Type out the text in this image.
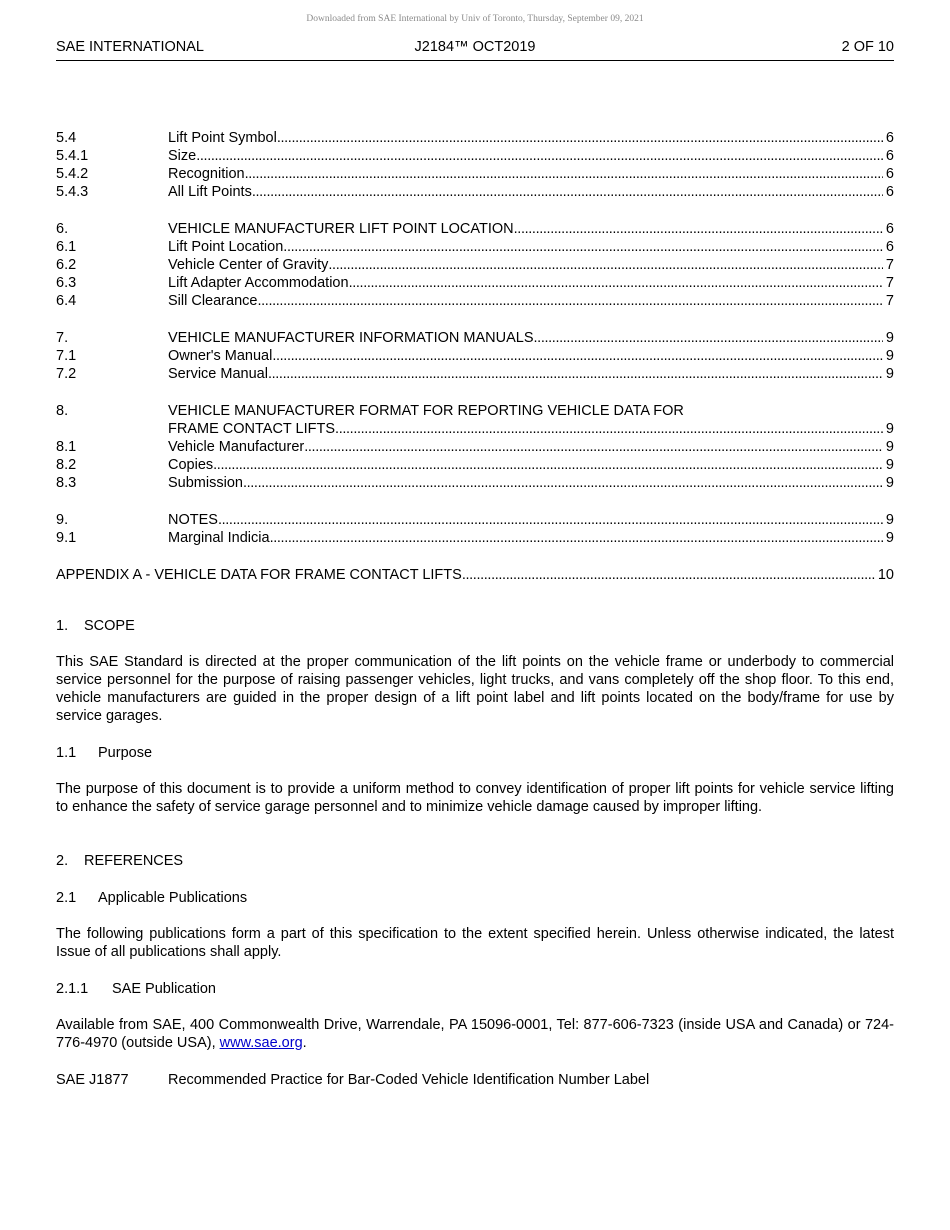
Downloaded from SAE International by Univ of Toronto, Thursday, September 09, 2021
SAE INTERNATIONAL	J2184™ OCT2019	2 OF 10
5.4	Lift Point Symbol . . .	6
5.4.1	Size . . .	6
5.4.2	Recognition . . .	6
5.4.3	All Lift Points . . .	6
6.	VEHICLE MANUFACTURER LIFT POINT LOCATION . . .	6
6.1	Lift Point Location . . .	6
6.2	Vehicle Center of Gravity . . .	7
6.3	Lift Adapter Accommodation . . .	7
6.4	Sill Clearance . . .	7
7.	VEHICLE MANUFACTURER INFORMATION MANUALS . . .	9
7.1	Owner's Manual . . .	9
7.2	Service Manual . . .	9
8.	VEHICLE MANUFACTURER FORMAT FOR REPORTING VEHICLE DATA FOR
FRAME CONTACT LIFTS . . .	9
8.1	Vehicle Manufacturer . . .	9
8.2	Copies . . .	9
8.3	Submission . . .	9
9.	NOTES . . .	9
9.1	Marginal Indicia . . .	9
APPENDIX A - VEHICLE DATA FOR FRAME CONTACT LIFTS . . .	10
1. SCOPE
This SAE Standard is directed at the proper communication of the lift points on the vehicle frame or underbody to commercial service personnel for the purpose of raising passenger vehicles, light trucks, and vans completely off the shop floor. To this end, vehicle manufacturers are guided in the proper design of a lift point label and lift points located on the body/frame for use by service garages.
1.1 Purpose
The purpose of this document is to provide a uniform method to convey identification of proper lift points for vehicle service lifting to enhance the safety of service garage personnel and to minimize vehicle damage caused by improper lifting.
2. REFERENCES
2.1 Applicable Publications
The following publications form a part of this specification to the extent specified herein. Unless otherwise indicated, the latest Issue of all publications shall apply.
2.1.1 SAE Publication
Available from SAE, 400 Commonwealth Drive, Warrendale, PA 15096-0001, Tel: 877-606-7323 (inside USA and Canada) or 724-776-4970 (outside USA), www.sae.org.
SAE J1877	Recommended Practice for Bar-Coded Vehicle Identification Number Label
